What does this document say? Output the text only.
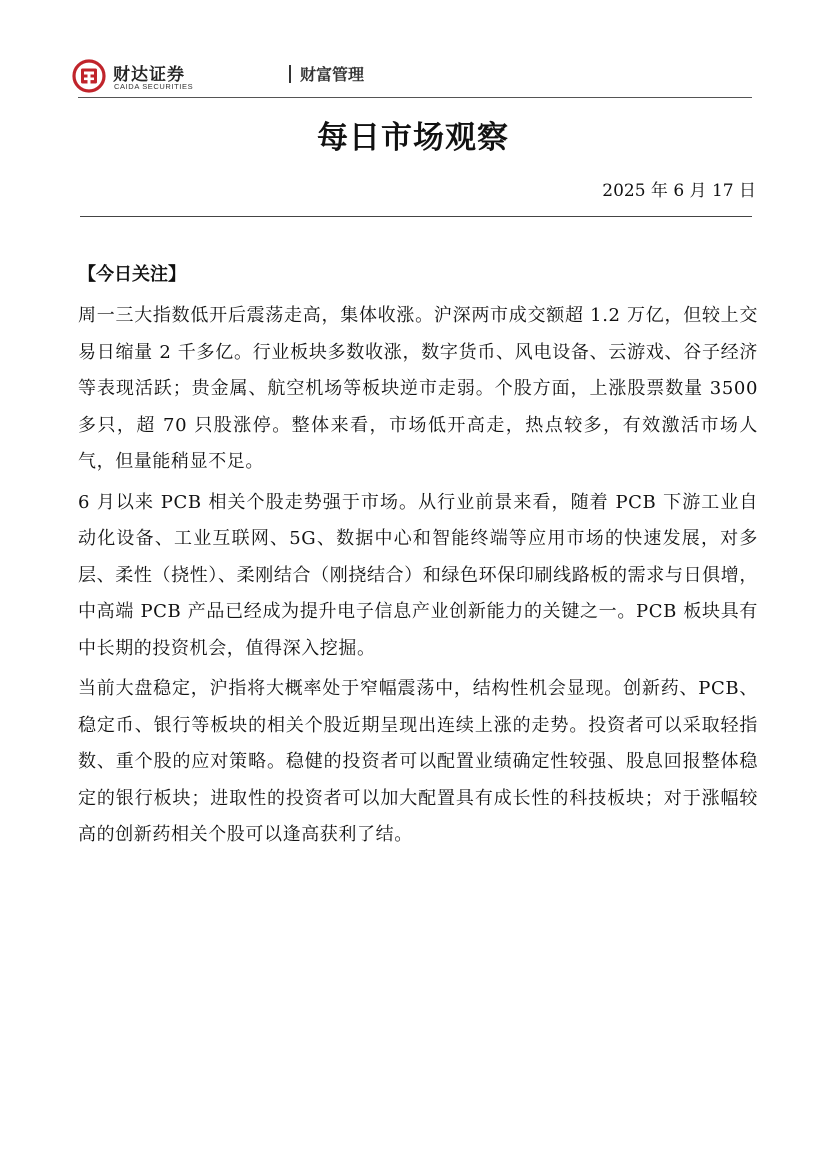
财达证券
CAIDA SECURITIES
财富管理
每日市场观察
2025 年 6 月 17 日
【今日关注】

周一三大指数低开后震荡走高，集体收涨。沪深两市成交额超 1.2 万亿，但较上交易日缩量 2 千多亿。行业板块多数收涨，数字货币、风电设备、云游戏、谷子经济等表现活跃；贵金属、航空机场等板块逆市走弱。个股方面，上涨股票数量 3500 多只，超 70 只股涨停。整体来看，市场低开高走，热点较多，有效激活市场人气，但量能稍显不足。

6 月以来 PCB 相关个股走势强于市场。从行业前景来看，随着 PCB 下游工业自动化设备、工业互联网、5G、数据中心和智能终端等应用市场的快速发展，对多层、柔性（挠性）、柔刚结合（刚挠结合）和绿色环保印刷线路板的需求与日俱增，中高端 PCB 产品已经成为提升电子信息产业创新能力的关键之一。PCB 板块具有中长期的投资机会，值得深入挖掘。

当前大盘稳定，沪指将大概率处于窄幅震荡中，结构性机会显现。创新药、PCB、稳定币、银行等板块的相关个股近期呈现出连续上涨的走势。投资者可以采取轻指数、重个股的应对策略。稳健的投资者可以配置业绩确定性较强、股息回报整体稳定的银行板块；进取性的投资者可以加大配置具有成长性的科技板块；对于涨幅较高的创新药相关个股可以逢高获利了结。
